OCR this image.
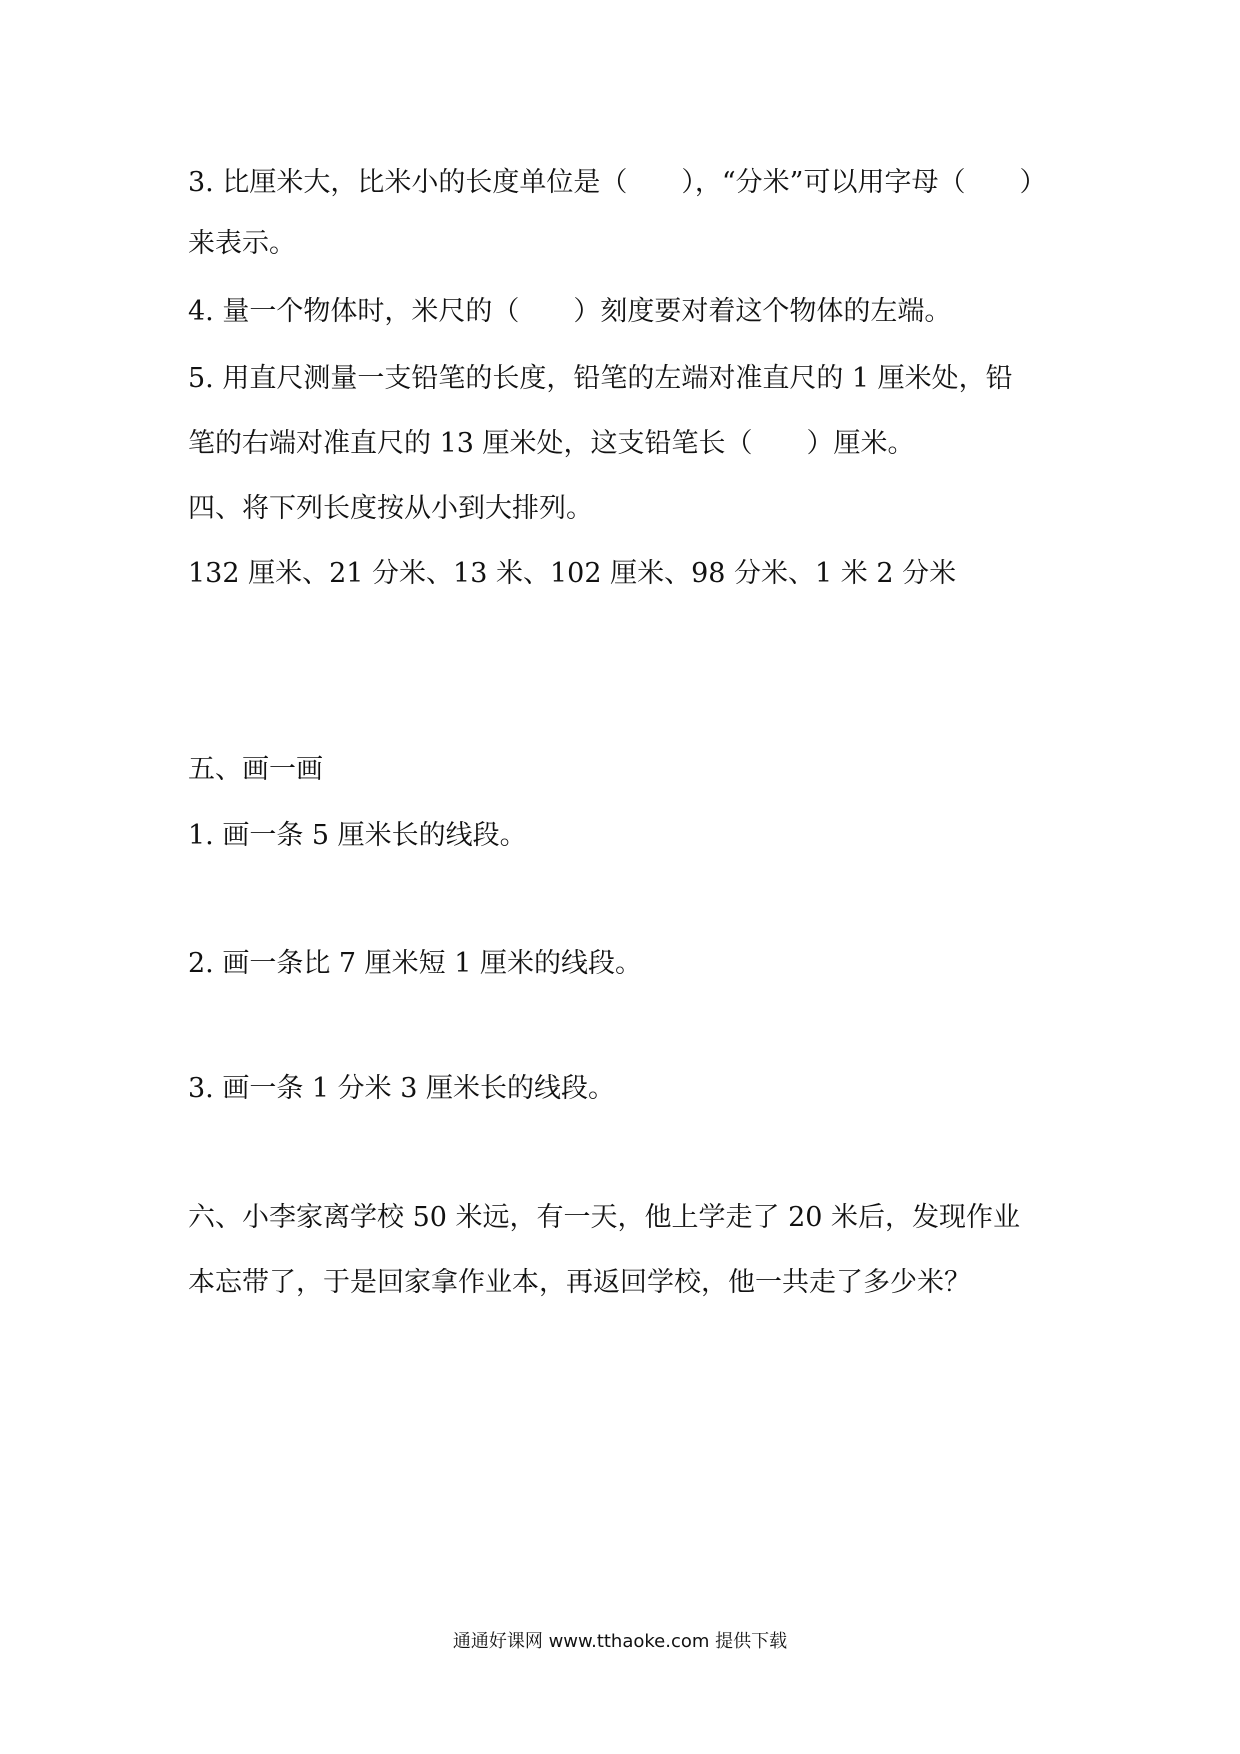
3. 比厘米大，比米小的长度单位是（　　），“分米”可以用字母（　　）
来表示。
4. 量一个物体时，米尺的（　　）刻度要对着这个物体的左端。
5. 用直尺测量一支铅笔的长度，铅笔的左端对准直尺的 1 厘米处，铅
笔的右端对准直尺的 13 厘米处，这支铅笔长（　　）厘米。
四、将下列长度按从小到大排列。
132 厘米、21 分米、13 米、102 厘米、98 分米、1 米 2 分米
五、画一画
1. 画一条 5 厘米长的线段。
2. 画一条比 7 厘米短 1 厘米的线段。
3. 画一条 1 分米 3 厘米长的线段。
六、小李家离学校 50 米远，有一天，他上学走了 20 米后，发现作业
本忘带了，于是回家拿作业本，再返回学校，他一共走了多少米？
通通好课网 www.tthaoke.com 提供下载
